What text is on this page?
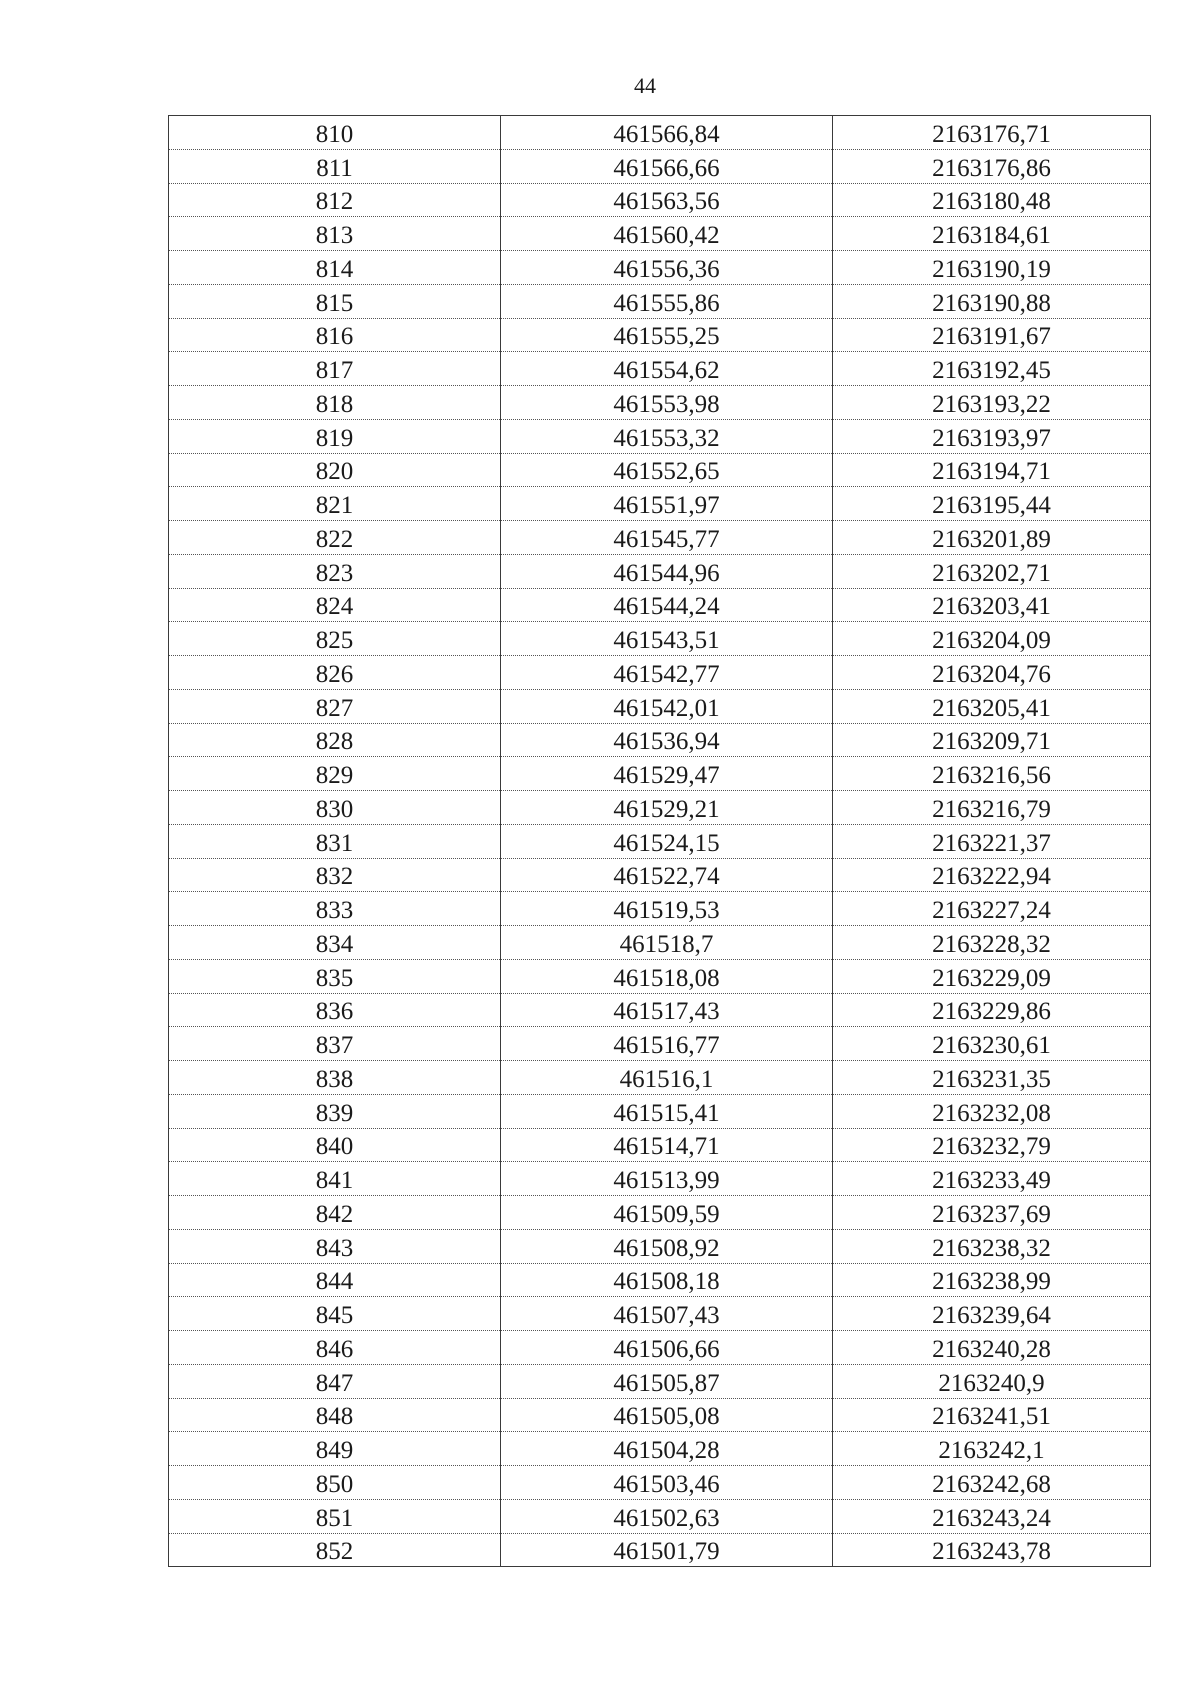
44
810	461566,84	2163176,71
811	461566,66	2163176,86
812	461563,56	2163180,48
813	461560,42	2163184,61
814	461556,36	2163190,19
815	461555,86	2163190,88
816	461555,25	2163191,67
817	461554,62	2163192,45
818	461553,98	2163193,22
819	461553,32	2163193,97
820	461552,65	2163194,71
821	461551,97	2163195,44
822	461545,77	2163201,89
823	461544,96	2163202,71
824	461544,24	2163203,41
825	461543,51	2163204,09
826	461542,77	2163204,76
827	461542,01	2163205,41
828	461536,94	2163209,71
829	461529,47	2163216,56
830	461529,21	2163216,79
831	461524,15	2163221,37
832	461522,74	2163222,94
833	461519,53	2163227,24
834	461518,7	2163228,32
835	461518,08	2163229,09
836	461517,43	2163229,86
837	461516,77	2163230,61
838	461516,1	2163231,35
839	461515,41	2163232,08
840	461514,71	2163232,79
841	461513,99	2163233,49
842	461509,59	2163237,69
843	461508,92	2163238,32
844	461508,18	2163238,99
845	461507,43	2163239,64
846	461506,66	2163240,28
847	461505,87	2163240,9
848	461505,08	2163241,51
849	461504,28	2163242,1
850	461503,46	2163242,68
851	461502,63	2163243,24
852	461501,79	2163243,78
